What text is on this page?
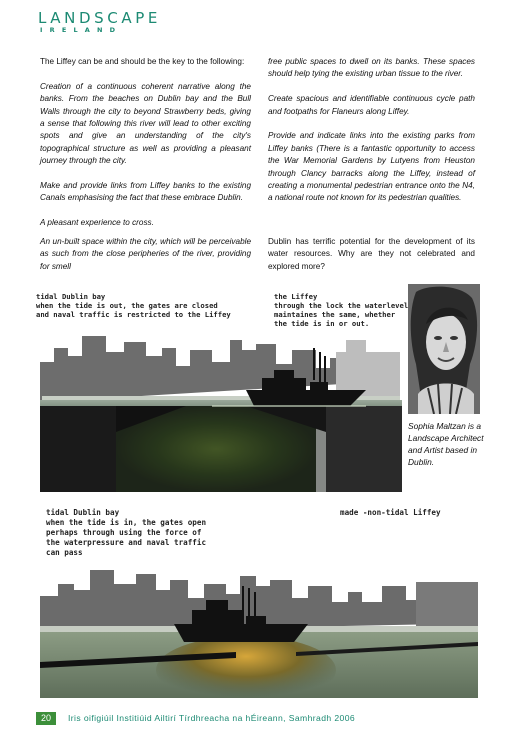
LANDSCAPE
IRELAND

The Liffey can be and should be the key to the following:

Creation of a continuous coherent narrative along the banks. From the beaches on Dublin bay and the Bull Walls through the city to beyond Strawberry beds, giving a sense that following this river will lead to other exciting spots and give an understanding of the city's topographical structure as well as providing a pleasant journey through the city.

Make and provide links from Liffey banks to the existing Canals emphasising the fact that these embrace Dublin.

A pleasant experience to cross.

free public spaces to dwell on its banks. These spaces should help tying the existing urban tissue to the river.

Create spacious and identifiable continuous cycle path and footpaths for Flaneurs along Liffey.

Provide and indicate links into the existing parks from Liffey banks (There is a fantastic opportunity to access the War Memorial Gardens by Lutyens from Heuston through Clancy barracks along the Liffey, instead of creating a monumental pedestrian entrance onto the N4, a national route not known for its pedestrian qualities.

An un-built space within the city, which will be perceivable as such from the close peripheries of the river, providing for smell

Dublin has terrific potential for the development of its water resources. Why are they not celebrated and explored more?

tidal Dublin bay
when the tide is out, the gates are closed
and naval traffic is restricted to the Liffey
the Liffey
through the lock the waterlevel
maintaines the same, whether
the tide is in or out.
Sophia Maltzan is a Landscape Architect and Artist based in Dublin.
tidal Dublin bay
when the tide is in, the gates open
perhaps through using the force of
the waterpressure and naval traffic
can pass
made -non-tidal Liffey
20	Iris oifigiúil Institiúid Ailtirí Tírdhreacha na hÉireann, Samhradh 2006
